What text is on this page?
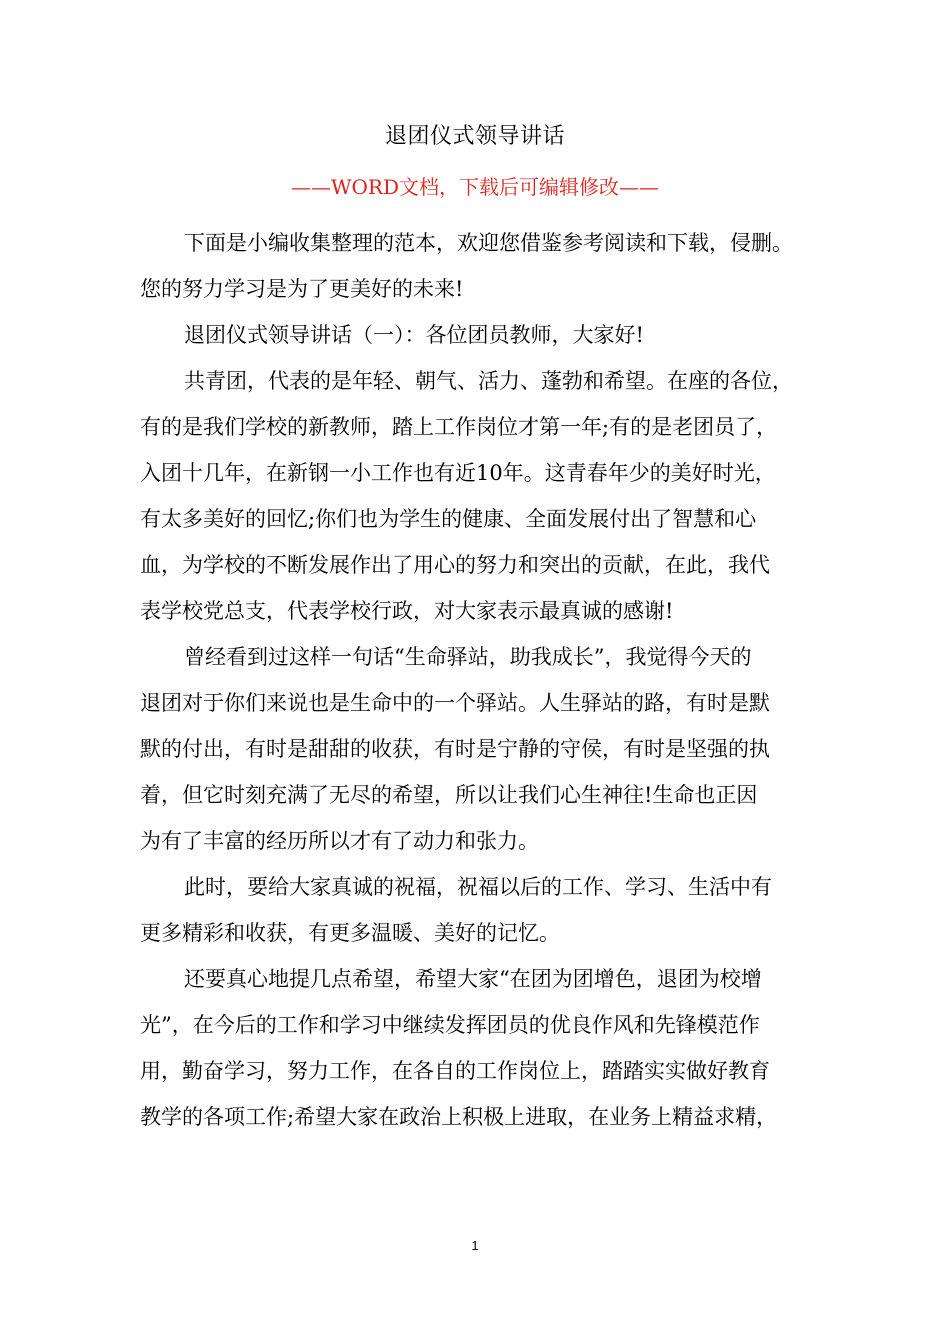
退团仪式领导讲话
——WORD文档，下载后可编辑修改——

下面是小编收集整理的范本，欢迎您借鉴参考阅读和下载，侵删。
您的努力学习是为了更美好的未来!

退团仪式领导讲话（一）：各位团员教师，大家好!

共青团，代表的是年轻、朝气、活力、蓬勃和希望。在座的各位，
有的是我们学校的新教师，踏上工作岗位才第一年;有的是老团员了，
入团十几年，在新钢一小工作也有近10年。这青春年少的美好时光，
有太多美好的回忆;你们也为学生的健康、全面发展付出了智慧和心
血，为学校的不断发展作出了用心的努力和突出的贡献，在此，我代
表学校党总支，代表学校行政，对大家表示最真诚的感谢!

曾经看到过这样一句话“生命驿站，助我成长”，我觉得今天的
退团对于你们来说也是生命中的一个驿站。人生驿站的路，有时是默
默的付出，有时是甜甜的收获，有时是宁静的守侯，有时是坚强的执
着，但它时刻充满了无尽的希望，所以让我们心生神往!生命也正因
为有了丰富的经历所以才有了动力和张力。

此时，要给大家真诚的祝福，祝福以后的工作、学习、生活中有
更多精彩和收获，有更多温暖、美好的记忆。

还要真心地提几点希望，希望大家“在团为团增色，退团为校增
光”，在今后的工作和学习中继续发挥团员的优良作风和先锋模范作
用，勤奋学习，努力工作，在各自的工作岗位上，踏踏实实做好教育
教学的各项工作;希望大家在政治上积极上进取，在业务上精益求精，

1
